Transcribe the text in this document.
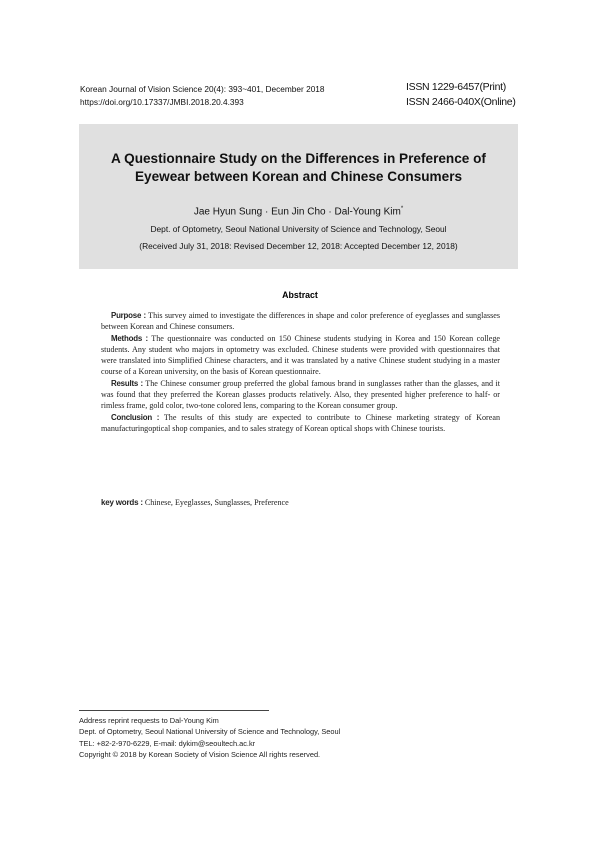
Korean Journal of Vision Science 20(4): 393~401, December 2018
https://doi.org/10.17337/JMBI.2018.20.4.393
ISSN 1229-6457(Print)
ISSN 2466-040X(Online)
A Questionnaire Study on the Differences in Preference of
Eyewear between Korean and Chinese Consumers
Jae Hyun Sung · Eun Jin Cho · Dal-Young Kim*
Dept. of Optometry, Seoul National University of Science and Technology, Seoul
(Received July 31, 2018: Revised December 12, 2018: Accepted December 12, 2018)
Abstract

Purpose : This survey aimed to investigate the differences in shape and color preference of eyeglasses and sunglasses between Korean and Chinese consumers.

Methods : The questionnaire was conducted on 150 Chinese students studying in Korea and 150 Korean college students. Any student who majors in optometry was excluded. Chinese students were provided with questionnaires that were translated into Simplified Chinese characters, and it was translated by a native Chinese student studying in a master course of a Korean university, on the basis of Korean questionnaire.

Results : The Chinese consumer group preferred the global famous brand in sunglasses rather than the glasses, and it was found that they preferred the Korean glasses products relatively. Also, they presented higher preference to half- or rimless frame, gold color, two-tone colored lens, comparing to the Korean consumer group.

Conclusion : The results of this study are expected to contribute to Chinese marketing strategy of Korean manufacturingoptical shop companies, and to sales strategy of Korean optical shops with Chinese tourists.

key words : Chinese, Eyeglasses, Sunglasses, Preference
Address reprint requests to Dal-Young Kim
Dept. of Optometry, Seoul National University of Science and Technology, Seoul
TEL: +82-2-970-6229, E-mail: dykim@seoultech.ac.kr
Copyright © 2018 by Korean Society of Vision Science All rights reserved.
